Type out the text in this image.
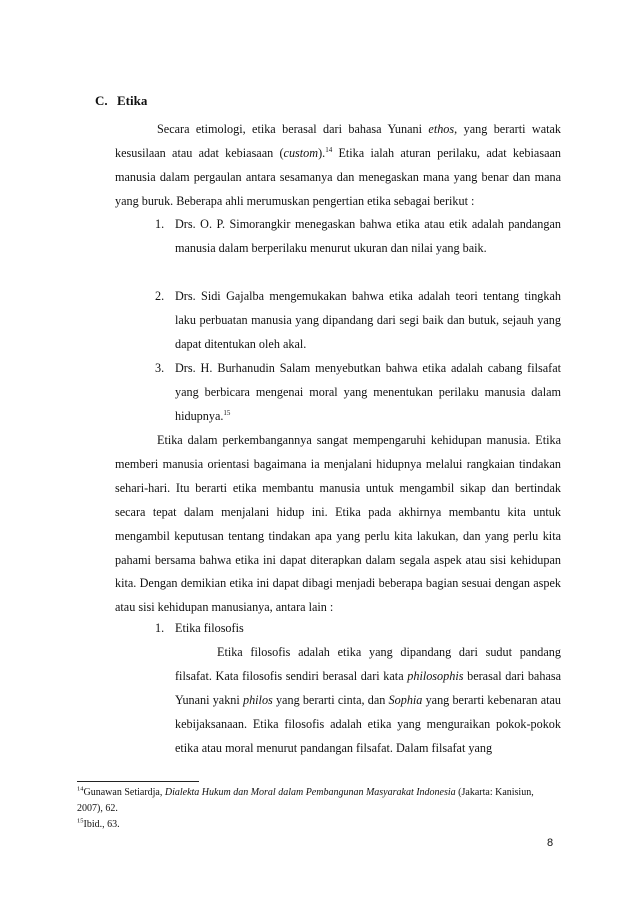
C. Etika

Secara etimologi, etika berasal dari bahasa Yunani ethos, yang berarti watak kesusilaan atau adat kebiasaan (custom).$^{14}$ Etika ialah aturan perilaku, adat kebiasaan manusia dalam pergaulan antara sesamanya dan menegaskan mana yang benar dan mana yang buruk. Beberapa ahli merumuskan pengertian etika sebagai berikut :

1. Drs. O. P. Simorangkir menegaskan bahwa etika atau etik adalah pandangan manusia dalam berperilaku menurut ukuran dan nilai yang baik.
2. Drs. Sidi Gajalba mengemukakan bahwa etika adalah teori tentang tingkah laku perbuatan manusia yang dipandang dari segi baik dan butuk, sejauh yang dapat ditentukan oleh akal.
3. Drs. H. Burhanudin Salam menyebutkan bahwa etika adalah cabang filsafat yang berbicara mengenai moral yang menentukan perilaku manusia dalam hidupnya.$^{15}$

Etika dalam perkembangannya sangat mempengaruhi kehidupan manusia. Etika memberi manusia orientasi bagaimana ia menjalani hidupnya melalui rangkaian tindakan sehari-hari. Itu berarti etika membantu manusia untuk mengambil sikap dan bertindak secara tepat dalam menjalani hidup ini. Etika pada akhirnya membantu kita untuk mengambil keputusan tentang tindakan apa yang perlu kita lakukan, dan yang perlu kita pahami bersama bahwa etika ini dapat diterapkan dalam segala aspek atau sisi kehidupan kita. Dengan demikian etika ini dapat dibagi menjadi beberapa bagian sesuai dengan aspek atau sisi kehidupan manusianya, antara lain :

1. Etika filosofis

Etika filosofis adalah etika yang dipandang dari sudut pandang filsafat. Kata filosofis sendiri berasal dari kata philosophis berasal dari bahasa Yunani yakni philos yang berarti cinta, dan Sophia yang berarti kebenaran atau kebijaksanaan. Etika filosofis adalah etika yang menguraikan pokok-pokok etika atau moral menurut pandangan filsafat. Dalam filsafat yang

$^{14}$Gunawan Setiardja, Dialekta Hukum dan Moral dalam Pembangunan Masyarakat Indonesia (Jakarta: Kanisiun, 2007), 62.

$^{15}$Ibid., 63.

8
